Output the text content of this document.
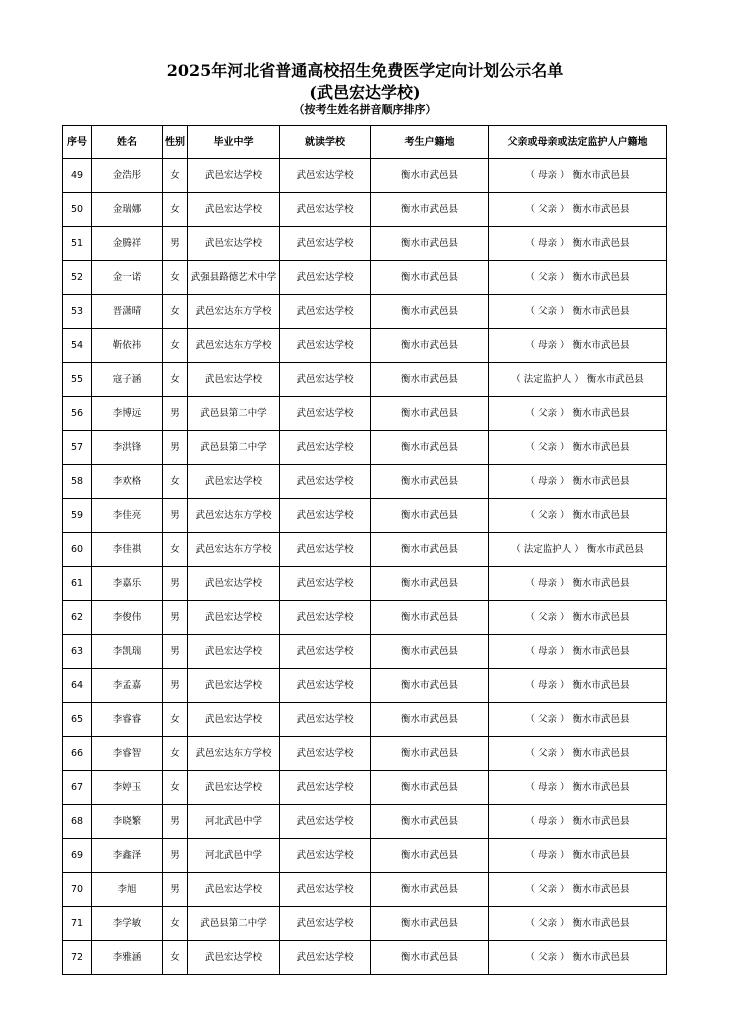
2025年河北省普通高校招生免费医学定向计划公示名单
(武邑宏达学校)
（按考生姓名拼音顺序排序）
序号	姓名	性别	毕业中学	就读学校	考生户籍地	父亲或母亲或法定监护人户籍地
49	金浩彤	女	武邑宏达学校	武邑宏达学校	衡水市武邑县	（ 母亲 ） 衡水市武邑县
50	金瑞娜	女	武邑宏达学校	武邑宏达学校	衡水市武邑县	（ 父亲 ） 衡水市武邑县
51	金腾祥	男	武邑宏达学校	武邑宏达学校	衡水市武邑县	（ 母亲 ） 衡水市武邑县
52	金一诺	女	武强县路德艺术中学	武邑宏达学校	衡水市武邑县	（ 父亲 ） 衡水市武邑县
53	晋潇晴	女	武邑宏达东方学校	武邑宏达学校	衡水市武邑县	（ 父亲 ） 衡水市武邑县
54	靳依祎	女	武邑宏达东方学校	武邑宏达学校	衡水市武邑县	（ 母亲 ） 衡水市武邑县
55	寇子涵	女	武邑宏达学校	武邑宏达学校	衡水市武邑县	（ 法定监护人 ） 衡水市武邑县
56	李博远	男	武邑县第二中学	武邑宏达学校	衡水市武邑县	（ 父亲 ） 衡水市武邑县
57	李洪锋	男	武邑县第二中学	武邑宏达学校	衡水市武邑县	（ 父亲 ） 衡水市武邑县
58	李欢格	女	武邑宏达学校	武邑宏达学校	衡水市武邑县	（ 母亲 ） 衡水市武邑县
59	李佳亮	男	武邑宏达东方学校	武邑宏达学校	衡水市武邑县	（ 父亲 ） 衡水市武邑县
60	李佳祺	女	武邑宏达东方学校	武邑宏达学校	衡水市武邑县	（ 法定监护人 ） 衡水市武邑县
61	李嘉乐	男	武邑宏达学校	武邑宏达学校	衡水市武邑县	（ 母亲 ） 衡水市武邑县
62	李俊伟	男	武邑宏达学校	武邑宏达学校	衡水市武邑县	（ 父亲 ） 衡水市武邑县
63	李凯瑞	男	武邑宏达学校	武邑宏达学校	衡水市武邑县	（ 母亲 ） 衡水市武邑县
64	李孟嘉	男	武邑宏达学校	武邑宏达学校	衡水市武邑县	（ 母亲 ） 衡水市武邑县
65	李睿睿	女	武邑宏达学校	武邑宏达学校	衡水市武邑县	（ 父亲 ） 衡水市武邑县
66	李睿智	女	武邑宏达东方学校	武邑宏达学校	衡水市武邑县	（ 父亲 ） 衡水市武邑县
67	李婷玉	女	武邑宏达学校	武邑宏达学校	衡水市武邑县	（ 母亲 ） 衡水市武邑县
68	李晓繁	男	河北武邑中学	武邑宏达学校	衡水市武邑县	（ 母亲 ） 衡水市武邑县
69	李鑫泽	男	河北武邑中学	武邑宏达学校	衡水市武邑县	（ 母亲 ） 衡水市武邑县
70	李旭	男	武邑宏达学校	武邑宏达学校	衡水市武邑县	（ 父亲 ） 衡水市武邑县
71	李学敏	女	武邑县第二中学	武邑宏达学校	衡水市武邑县	（ 父亲 ） 衡水市武邑县
72	李雅涵	女	武邑宏达学校	武邑宏达学校	衡水市武邑县	（ 父亲 ） 衡水市武邑县
